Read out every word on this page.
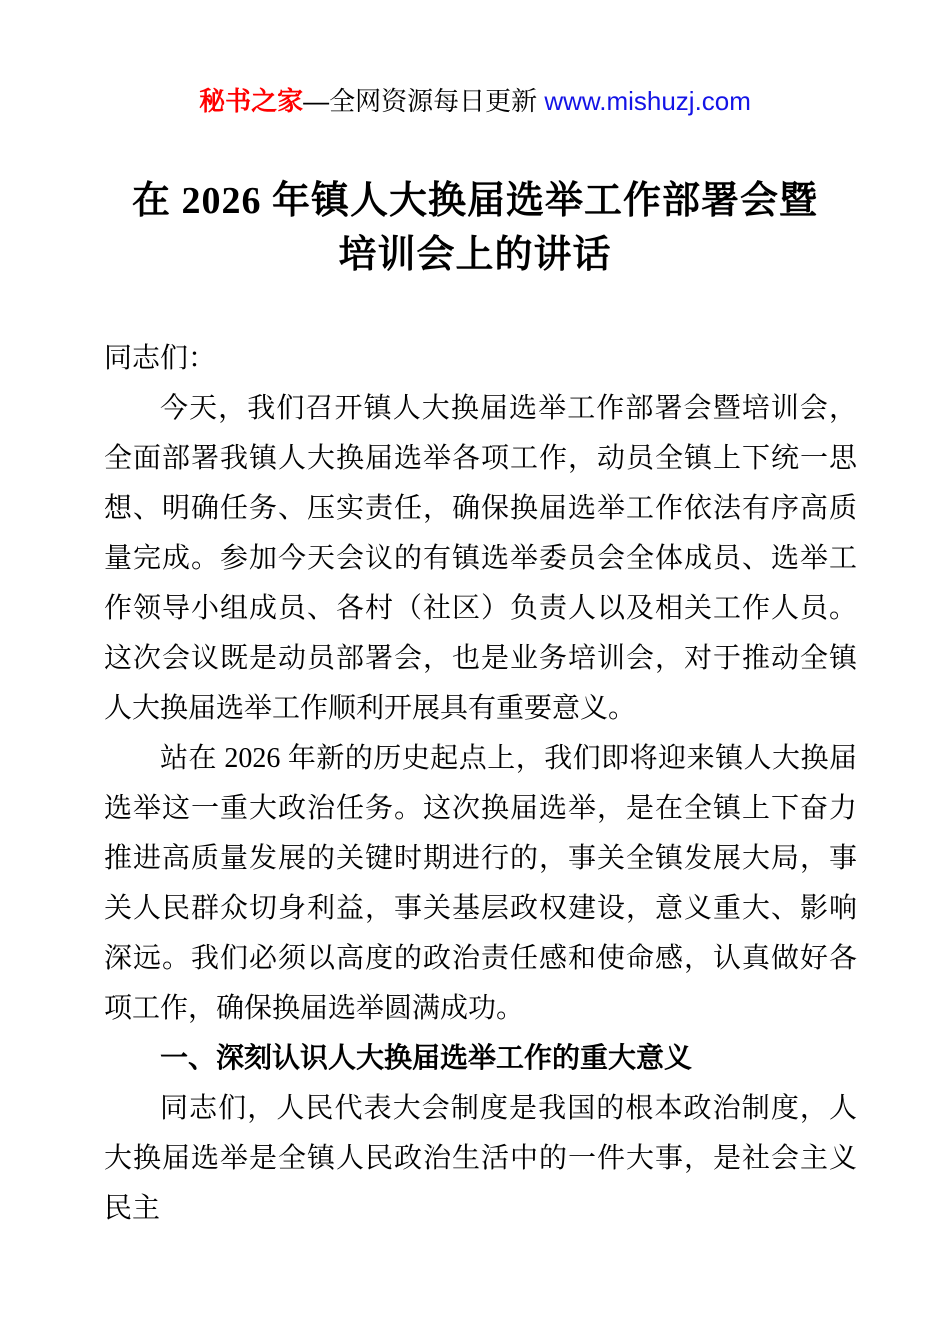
秘书之家—全网资源每日更新 www.mishuzj.com
在 2026 年镇人大换届选举工作部署会暨
培训会上的讲话

同志们：

今天，我们召开镇人大换届选举工作部署会暨培训会，全面部署我镇人大换届选举各项工作，动员全镇上下统一思想、明确任务、压实责任，确保换届选举工作依法有序高质量完成。参加今天会议的有镇选举委员会全体成员、选举工作领导小组成员、各村（社区）负责人以及相关工作人员。这次会议既是动员部署会，也是业务培训会，对于推动全镇人大换届选举工作顺利开展具有重要意义。

站在 2026 年新的历史起点上，我们即将迎来镇人大换届选举这一重大政治任务。这次换届选举，是在全镇上下奋力推进高质量发展的关键时期进行的，事关全镇发展大局，事关人民群众切身利益，事关基层政权建设，意义重大、影响深远。我们必须以高度的政治责任感和使命感，认真做好各项工作，确保换届选举圆满成功。

一、深刻认识人大换届选举工作的重大意义

同志们，人民代表大会制度是我国的根本政治制度，人大换届选举是全镇人民政治生活中的一件大事，是社会主义民主
